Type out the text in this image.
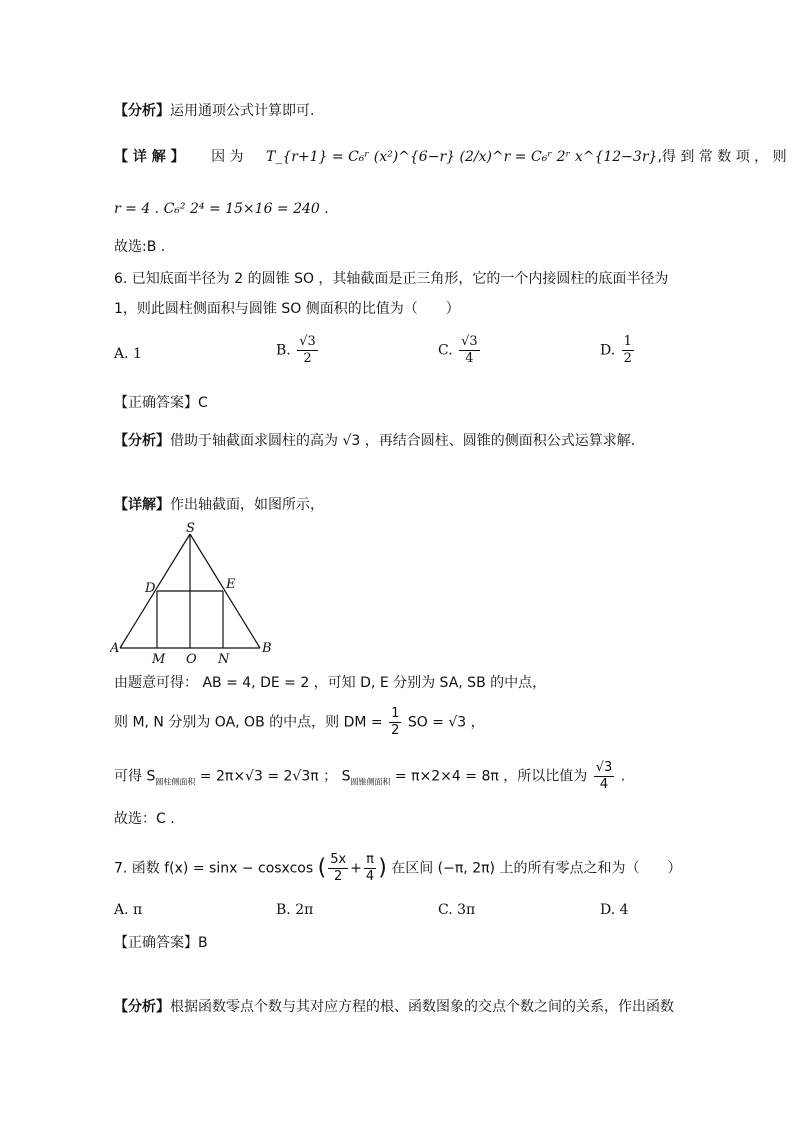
【分析】运用通项公式计算即可.
【 详 解 】 因 为 T_{r+1} = C₆ʳ (x²)^{6−r} (2/x)^r = C₆ʳ 2ʳ x^{12−3r},得 到 常 数 项 ， 则
r = 4 . C₆² 2⁴ = 15×16 = 240 .
故选:B .
6. 已知底面半径为 2 的圆锥 SO ，其轴截面是正三角形，它的一个内接圆柱的底面半径为
1，则此圆柱侧面积与圆锥 SO 侧面积的比值为（　　）
A. 1	B. $\frac{√3}{2}$	C. $\frac{√3}{4}$	D. $\frac{1}{2}$
【正确答案】C
【分析】借助于轴截面求圆柱的高为 √3 ，再结合圆柱、圆锥的侧面积公式运算求解.
【详解】作出轴截面，如图所示，
S
D	E
A
M O N
B
由题意可得： AB = 4, DE = 2 ，可知 D, E 分别为 SA, SB 的中点，
则 M, N 分别为 OA, OB 的中点，则 DM = $\frac{1}{2}$ SO = √3 ，
可得 $S_{圆柱侧面积} = 2\pi\times√3 = 2√3\pi$ ； $S_{圆锥侧面积} = \pi\times 2\times 4 = 8\pi$ ，所以比值为 $\frac{√3}{4}$ .
故选：C .
7. 函数 f(x) = sinx − cosxcos ( $\frac{5x}{2} + \frac{\pi}{4}$ ) 在区间 (−π, 2π) 上的所有零点之和为（　　）
A. π	B. 2π	C. 3π	D. 4
【正确答案】B
【分析】根据函数零点个数与其对应方程的根、函数图象的交点个数之间的关系，作出函数
